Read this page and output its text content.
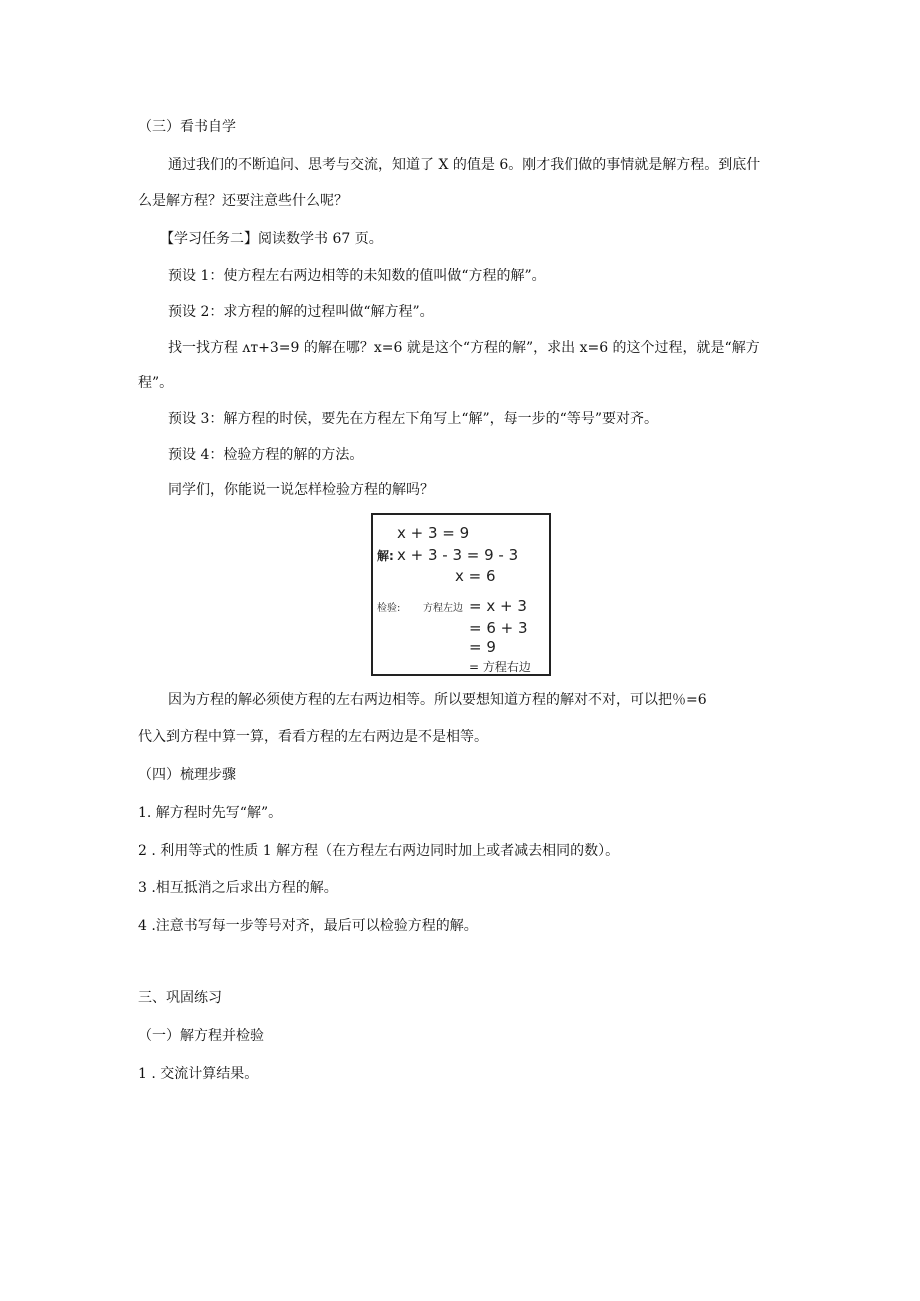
（三）看书自学
通过我们的不断追问、思考与交流，知道了 X 的值是 6。刚才我们做的事情就是解方程。到底什
么是解方程？还要注意些什么呢？
【学习任务二】阅读数学书 67 页。
预设 1：使方程左右两边相等的未知数的值叫做“方程的解”。
预设 2：求方程的解的过程叫做“解方程”。
找一找方程 ʌт+3=9 的解在哪？x=6 就是这个“方程的解”，求出 x=6 的这个过程，就是“解方
程”。
预设 3：解方程的时侯，要先在方程左下角写上“解”，每一步的“等号”要对齐。
预设 4：检验方程的解的方法。
同学们，你能说一说怎样检验方程的解吗？
x + 3 = 9
解: x + 3 - 3 = 9 - 3
x = 6
检验: 方程左边 = x + 3
= 6 + 3
= 9
= 方程右边
因为方程的解必须使方程的左右两边相等。所以要想知道方程的解对不对，可以把％=6
代入到方程中算一算，看看方程的左右两边是不是相等。
（四）梳理步骤
1. 解方程时先写“解”。
2 . 利用等式的性质 1 解方程（在方程左右两边同时加上或者减去相同的数）。
3 .相互抵消之后求出方程的解。
4 .注意书写每一步等号对齐，最后可以检验方程的解。
三、巩固练习
（一）解方程并检验
1 . 交流计算结果。
